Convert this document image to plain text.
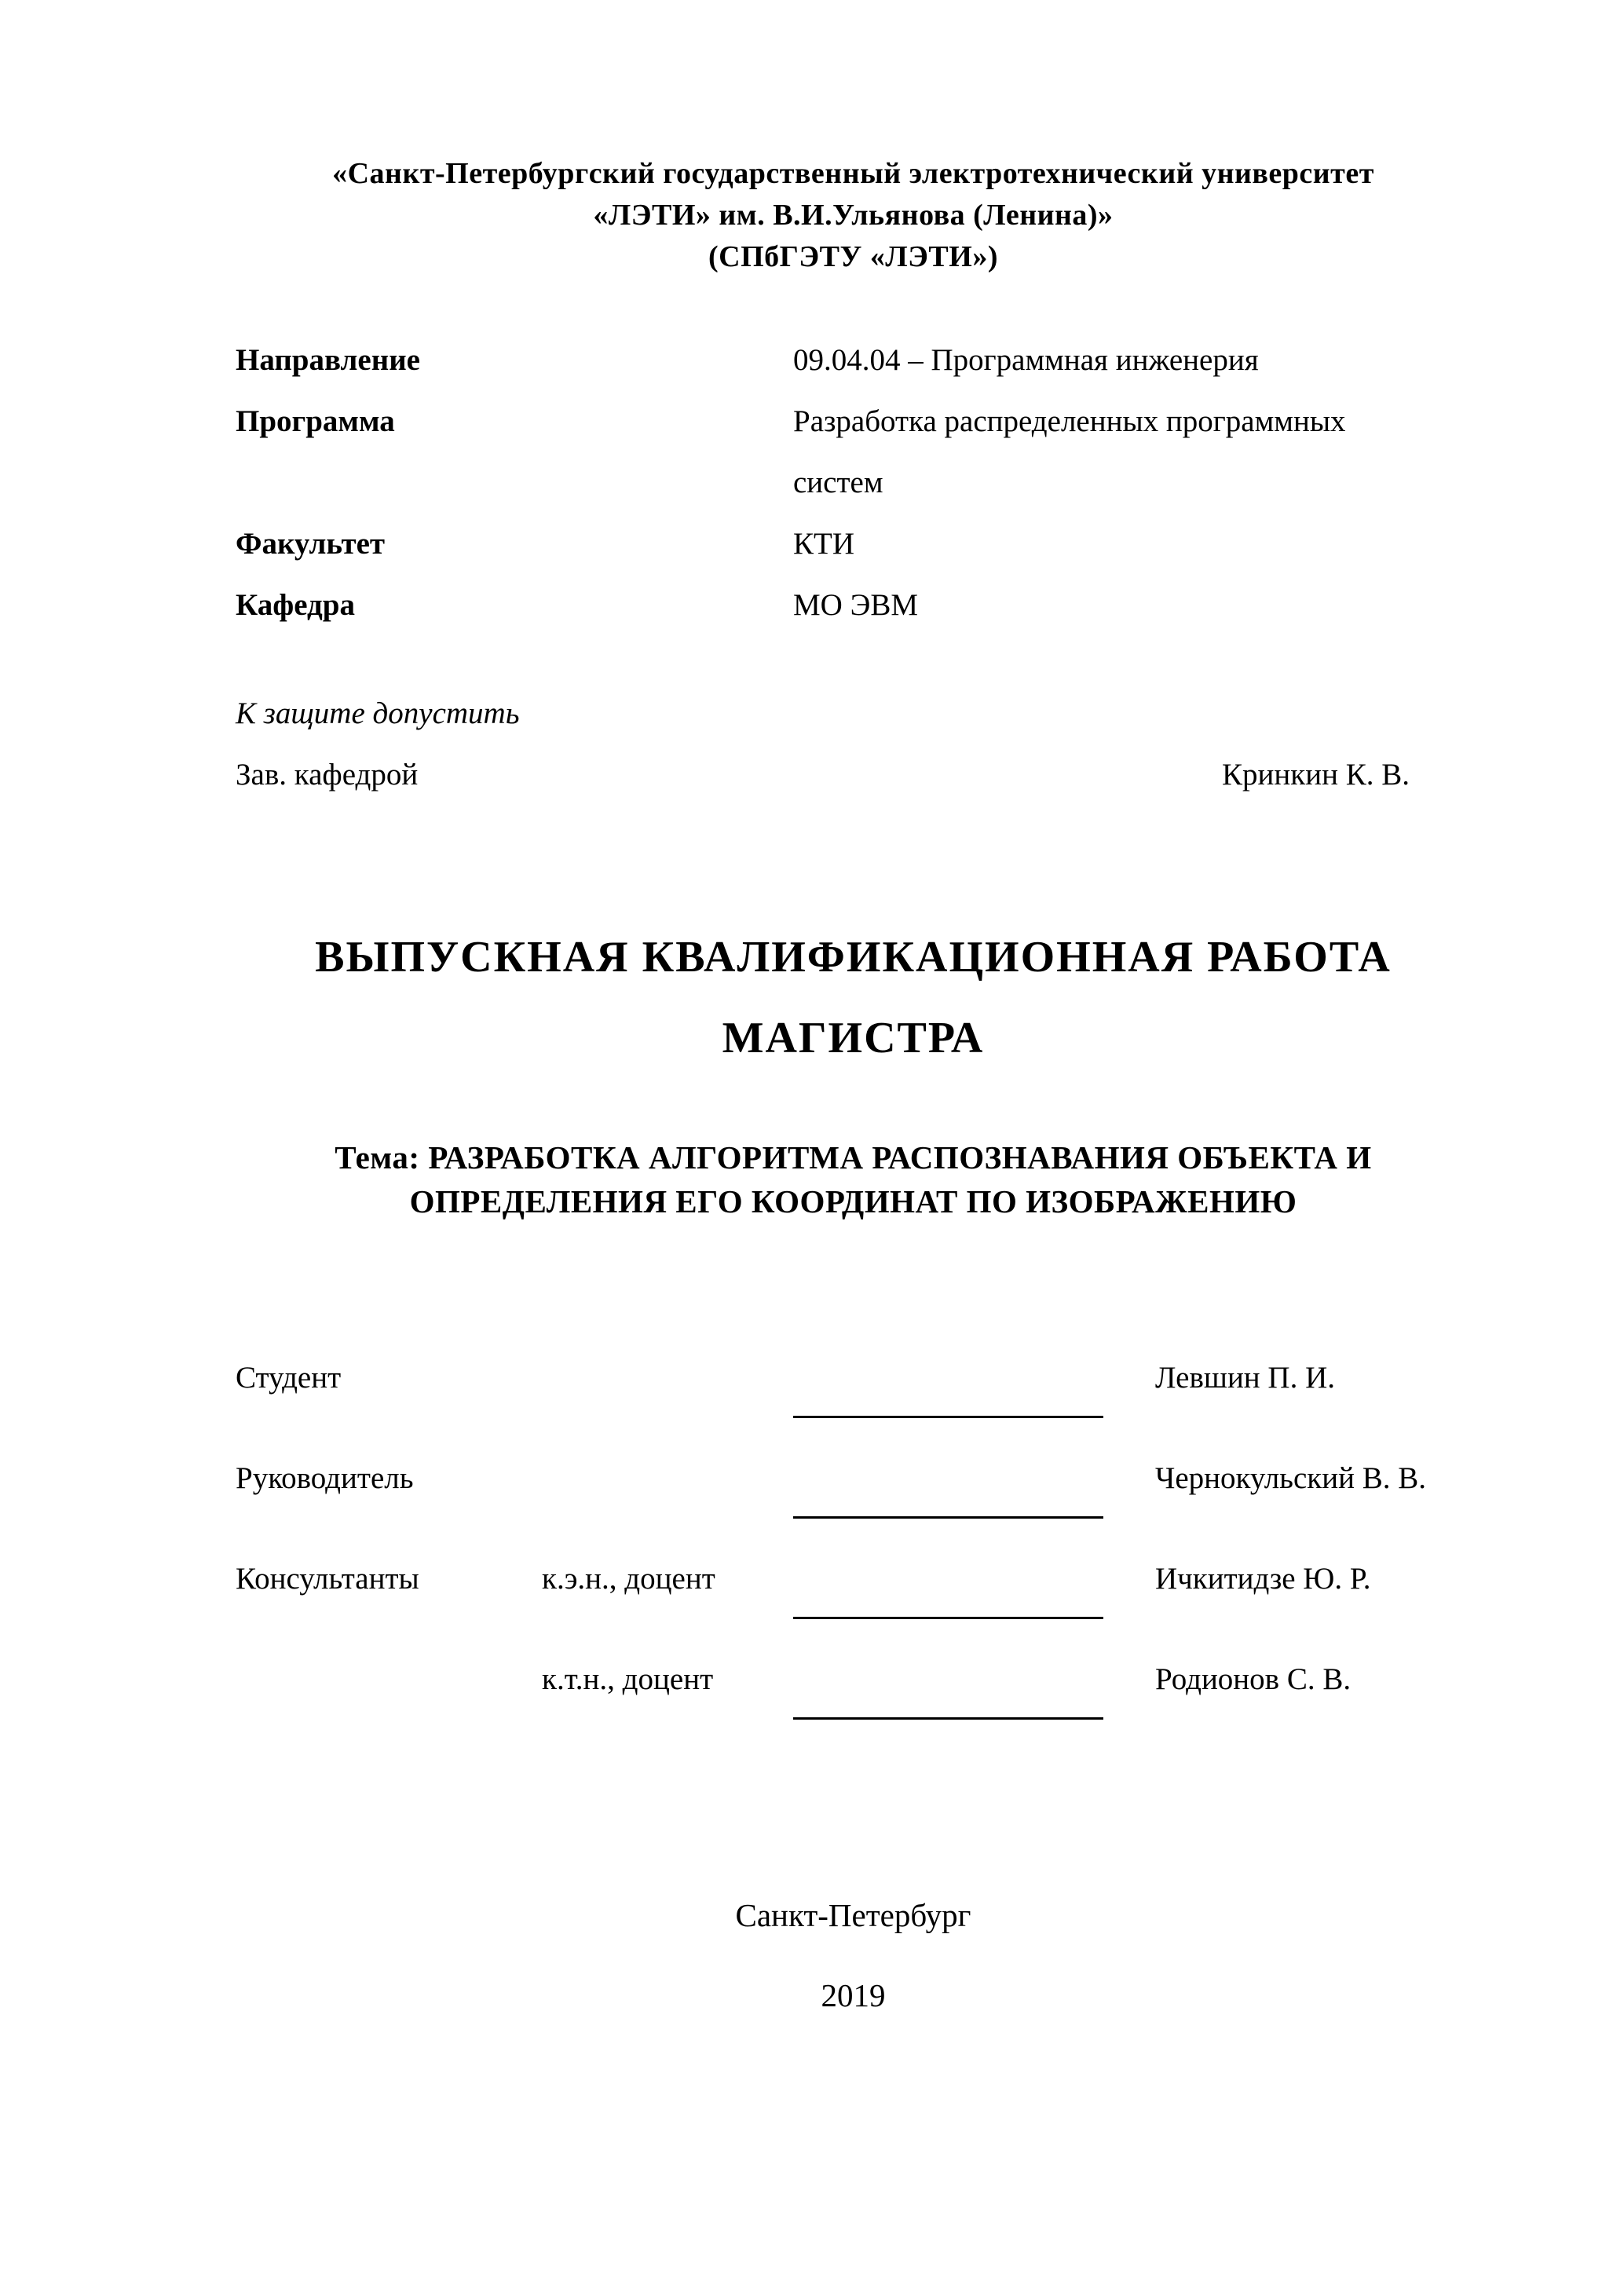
«Санкт-Петербургский государственный электротехнический университет
«ЛЭТИ» им. В.И.Ульянова (Ленина)»
(СПбГЭТУ «ЛЭТИ»)
Направление	09.04.04 – Программная инженерия
Программа	Разработка распределенных программных
систем
Факультет	КТИ
Кафедра	МО ЭВМ
К защите допустить
Зав. кафедрой	Кринкин К. В.
ВЫПУСКНАЯ КВАЛИФИКАЦИОННАЯ РАБОТА
МАГИСТРА
Тема: РАЗРАБОТКА АЛГОРИТМА РАСПОЗНАВАНИЯ ОБЪЕКТА И
ОПРЕДЕЛЕНИЯ ЕГО КООРДИНАТ ПО ИЗОБРАЖЕНИЮ
Студент	Левшин П. И.
Руководитель	Чернокульский В. В.
Консультанты	к.э.н., доцент	Ичкитидзе Ю. Р.
к.т.н., доцент	Родионов С. В.
Санкт-Петербург
2019
